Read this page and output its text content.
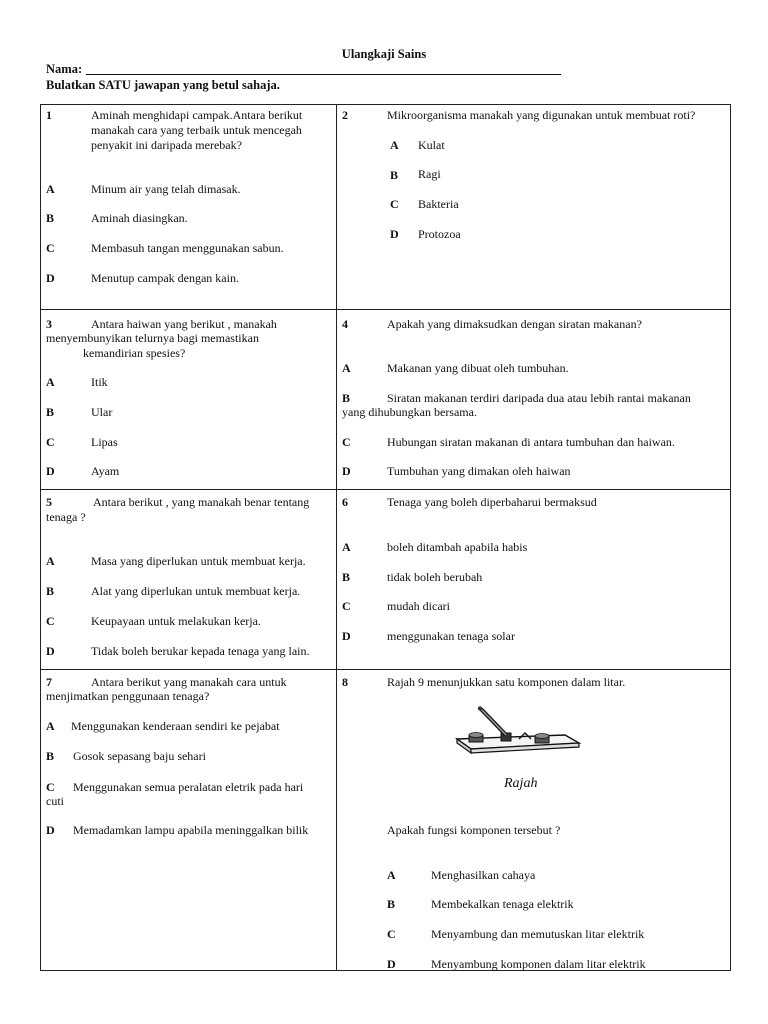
Ulangkaji Sains
Nama:
Bulatkan SATU jawapan yang betul sahaja.
1	Aminah menghidapi campak.Antara berikut
manakah cara yang terbaik untuk mencegah
penyakit ini daripada merebak?
A	Minum air yang telah dimasak.
B	Aminah diasingkan.
C	Membasuh tangan menggunakan sabun.
D	Menutup campak dengan kain.
2	Mikroorganisma manakah yang digunakan untuk membuat roti?
A Kulat
B Ragi
C Bakteria
D Protozoa
3	Antara haiwan yang berikut , manakah
menyembunyikan telurnya bagi memastikan
kemandirian spesies?
A	Itik
B	Ular
C	Lipas
D	Ayam
4	Apakah yang dimaksudkan dengan siratan makanan?
A	Makanan yang dibuat oleh tumbuhan.
B	Siratan makanan terdiri daripada dua atau lebih rantai makanan
yang dihubungkan bersama.
C	Hubungan siratan makanan di antara tumbuhan dan haiwan.
D	Tumbuhan yang dimakan oleh haiwan
5	Antara berikut , yang manakah benar tentang
tenaga ?
A	Masa yang diperlukan untuk membuat kerja.
B	Alat yang diperlukan untuk membuat kerja.
C	Keupayaan untuk melakukan kerja.
D	Tidak boleh berukar kepada tenaga yang lain.
6	Tenaga yang boleh diperbaharui bermaksud
A	boleh ditambah apabila habis
B	tidak boleh berubah
C	mudah dicari
D	menggunakan tenaga solar
7	Antara berikut yang manakah cara untuk
menjimatkan penggunaan tenaga?
A Menggunakan kenderaan sendiri ke pejabat
B Gosok sepasang baju sehari
C Menggunakan semua peralatan eletrik pada hari
cuti
D Memadamkan lampu apabila meninggalkan bilik
8	Rajah 9 menunjukkan satu komponen dalam litar.
Rajah
Apakah fungsi komponen tersebut ?
A	Menghasilkan cahaya
B	Membekalkan tenaga elektrik
C	Menyambung dan memutuskan litar elektrik
D	Menyambung komponen dalam litar elektrik
